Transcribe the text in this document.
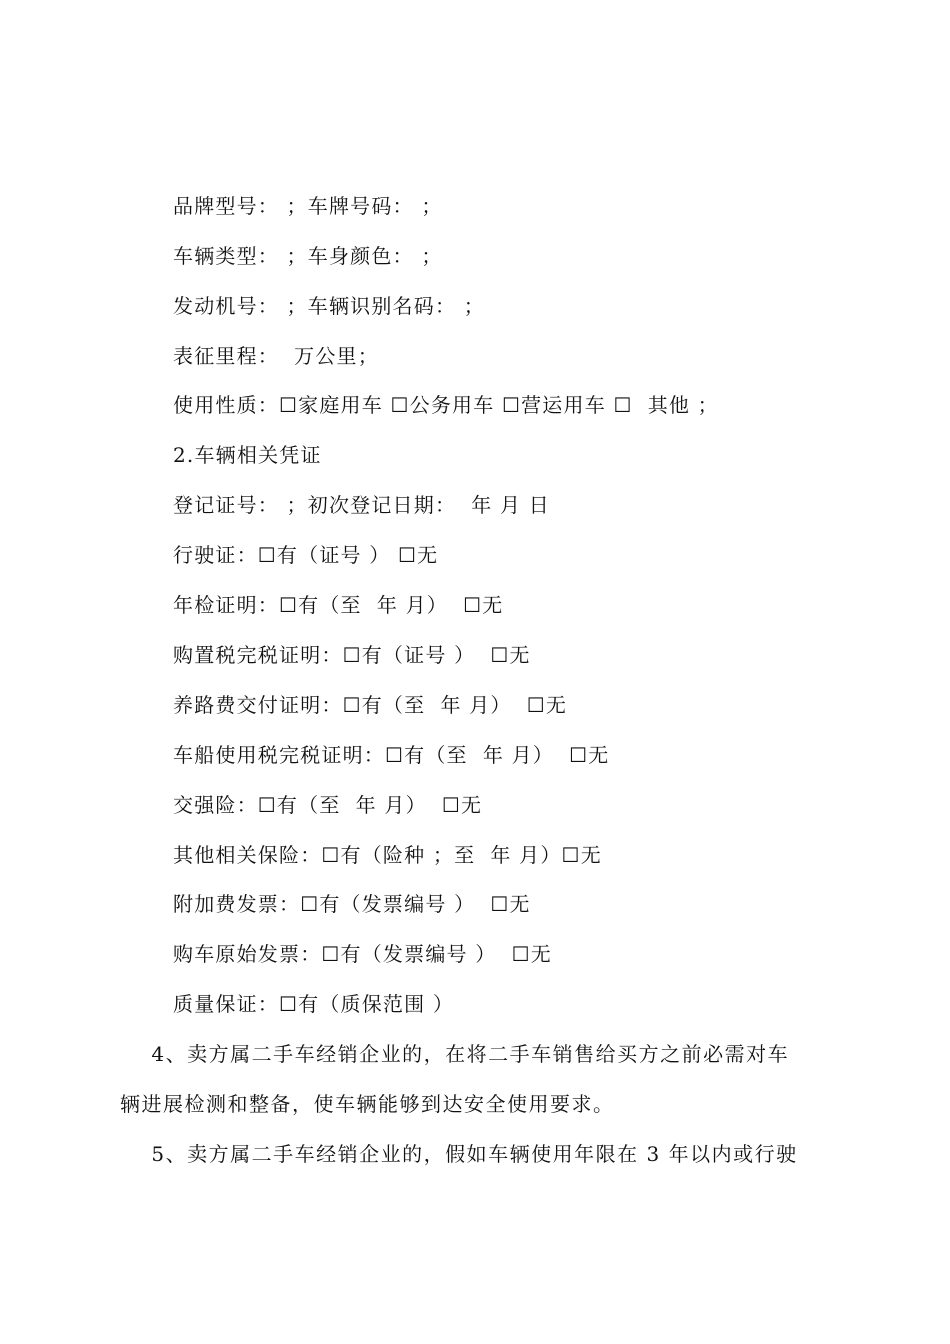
品牌型号： ；车牌号码： ；
车辆类型： ；车身颜色： ；
发动机号： ；车辆识别名码： ；
表征里程：  万公里；
使用性质：☐家庭用车 ☐公务用车 ☐营运用车 ☐  其他 ；
2.车辆相关凭证
登记证号： ；初次登记日期：  年 月 日
行驶证：☐有（证号 ） ☐无
年检证明：☐有（至  年 月）  ☐无
购置税完税证明：☐有（证号 ）  ☐无
养路费交付证明：☐有（至  年 月）  ☐无
车船使用税完税证明：☐有（至  年 月）  ☐无
交强险：☐有（至  年 月）  ☐无
其他相关保险：☐有（险种 ；至  年 月）☐无
附加费发票：☐有（发票编号 ）  ☐无
购车原始发票：☐有（发票编号 ）  ☐无
质量保证：☐有（质保范围 ）
4、卖方属二手车经销企业的，在将二手车销售给买方之前必需对车
辆进展检测和整备，使车辆能够到达安全使用要求。
5、卖方属二手车经销企业的，假如车辆使用年限在 3 年以内或行驶
